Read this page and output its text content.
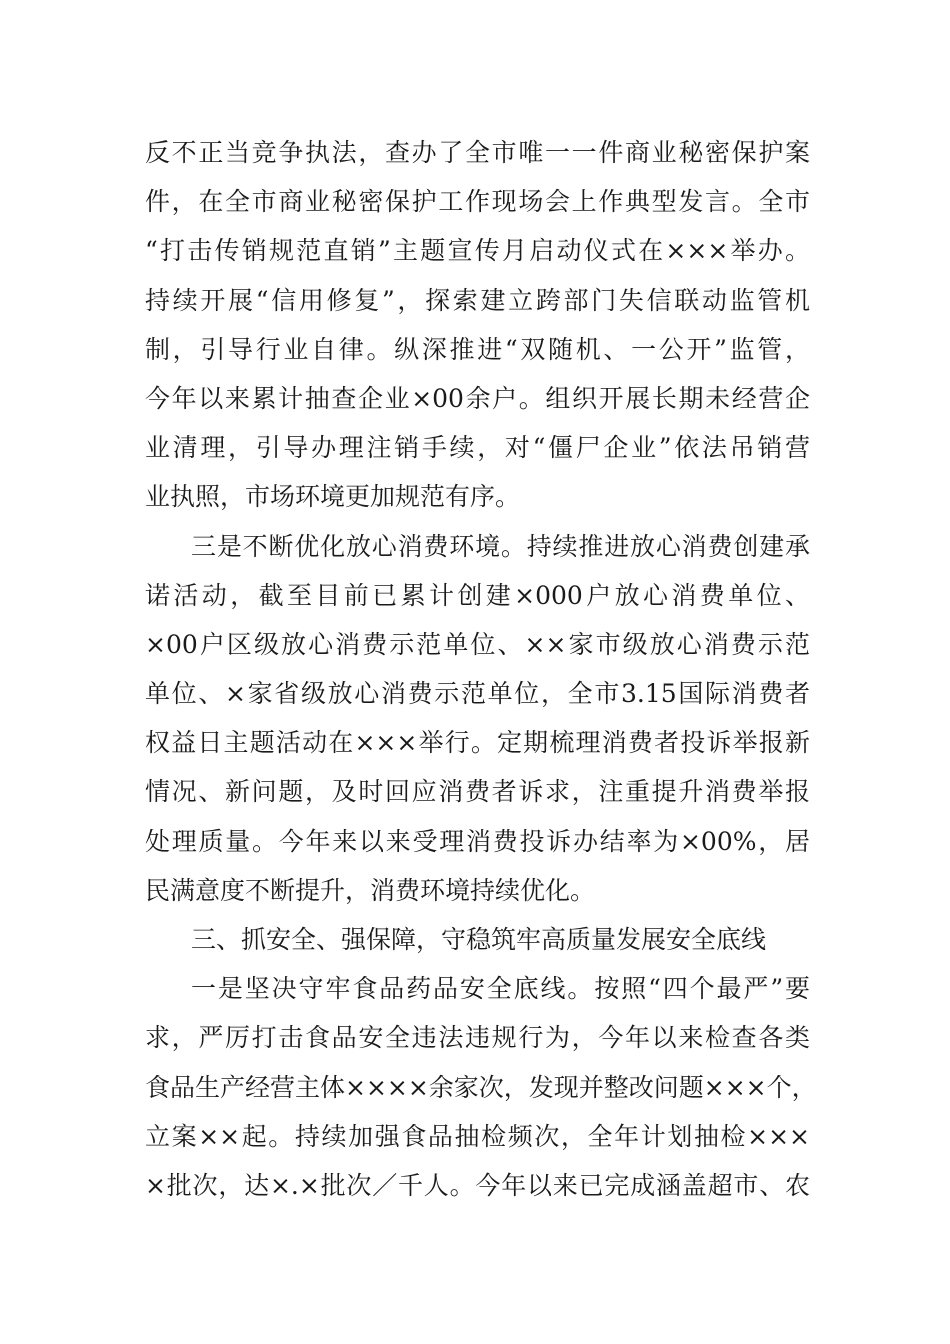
反不正当竞争执法，查办了全市唯一一件商业秘密保护案
件，在全市商业秘密保护工作现场会上作典型发言。全市
“打击传销规范直销”主题宣传月启动仪式在×××举办。
持续开展“信用修复”，探索建立跨部门失信联动监管机
制，引导行业自律。纵深推进“双随机、一公开”监管，
今年以来累计抽查企业×00余户。组织开展长期未经营企
业清理，引导办理注销手续，对“僵尸企业”依法吊销营
业执照，市场环境更加规范有序。
三是不断优化放心消费环境。持续推进放心消费创建承
诺活动，截至目前已累计创建×000户放心消费单位、
×00户区级放心消费示范单位、××家市级放心消费示范
单位、×家省级放心消费示范单位，全市3.15国际消费者
权益日主题活动在×××举行。定期梳理消费者投诉举报新
情况、新问题，及时回应消费者诉求，注重提升消费举报
处理质量。今年来以来受理消费投诉办结率为×00%，居
民满意度不断提升，消费环境持续优化。
三、抓安全、强保障，守稳筑牢高质量发展安全底线
一是坚决守牢食品药品安全底线。按照“四个最严”要
求，严厉打击食品安全违法违规行为，今年以来检查各类
食品生产经营主体××××余家次，发现并整改问题×××个，
立案××起。持续加强食品抽检频次，全年计划抽检×××
×批次，达×.×批次／千人。今年以来已完成涵盖超市、农
